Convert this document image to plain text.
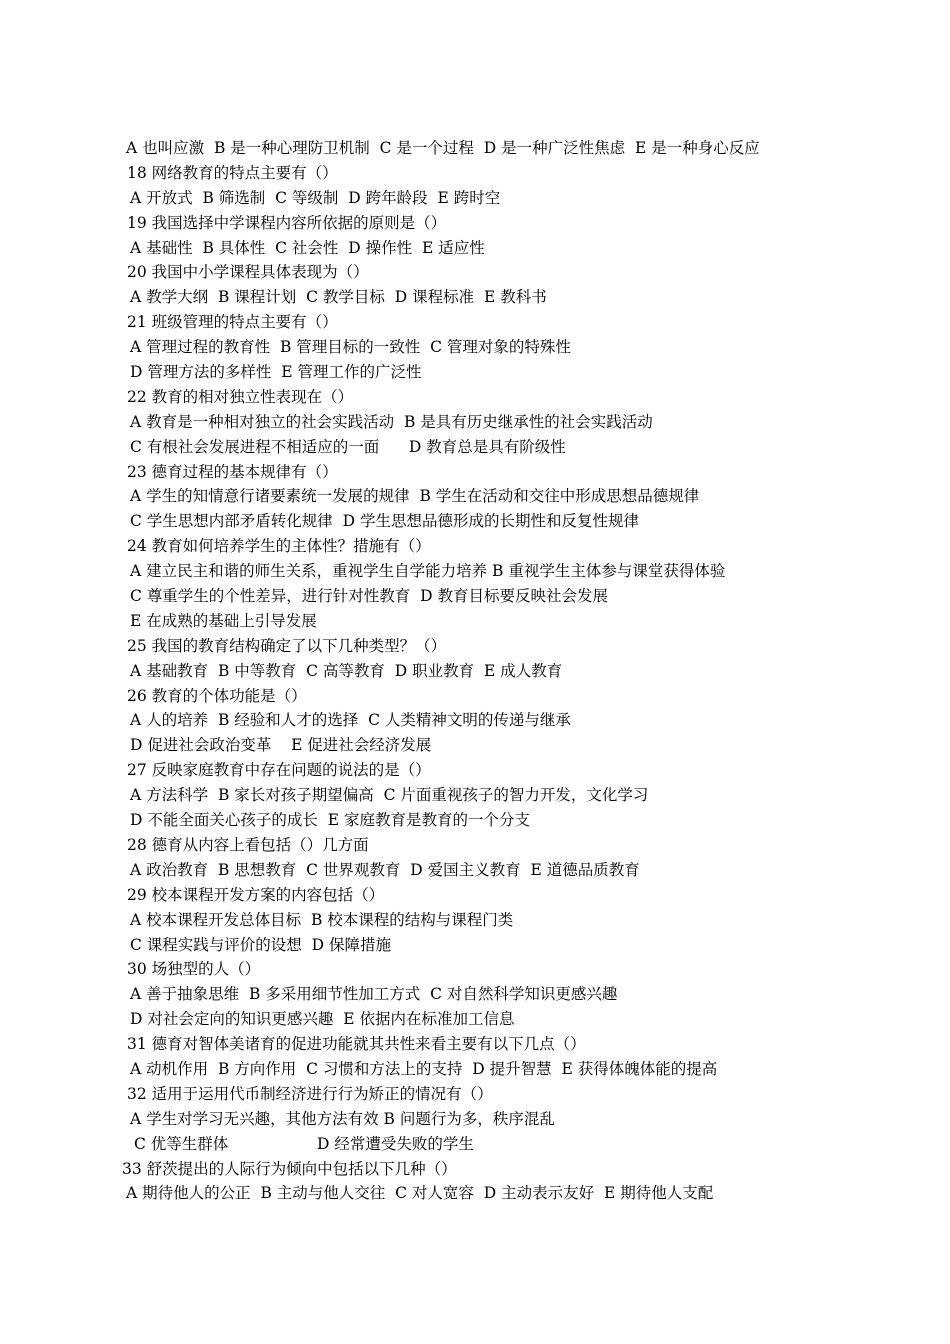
A 也叫应激  B 是一种心理防卫机制  C 是一个过程  D 是一种广泛性焦虑  E 是一种身心反应
18 网络教育的特点主要有（）
A 开放式  B 筛选制  C 等级制  D 跨年龄段  E 跨时空
19 我国选择中学课程内容所依据的原则是（）
A 基础性  B 具体性  C 社会性  D 操作性  E 适应性
20 我国中小学课程具体表现为（）
A 教学大纲  B 课程计划  C 教学目标  D 课程标准  E 教科书
21 班级管理的特点主要有（）
A 管理过程的教育性  B 管理目标的一致性  C 管理对象的特殊性
D 管理方法的多样性  E 管理工作的广泛性
22 教育的相对独立性表现在（）
A 教育是一种相对独立的社会实践活动  B 是具有历史继承性的社会实践活动
C 有根社会发展进程不相适应的一面      D 教育总是具有阶级性
23 德育过程的基本规律有（）
A 学生的知情意行诸要素统一发展的规律  B 学生在活动和交往中形成思想品德规律
C 学生思想内部矛盾转化规律  D 学生思想品德形成的长期性和反复性规律
24 教育如何培养学生的主体性？措施有（）
A 建立民主和谐的师生关系，重视学生自学能力培养 B 重视学生主体参与课堂获得体验
C 尊重学生的个性差异，进行针对性教育  D 教育目标要反映社会发展
E 在成熟的基础上引导发展
25 我国的教育结构确定了以下几种类型？（）
A 基础教育  B 中等教育  C 高等教育  D 职业教育  E 成人教育
26 教育的个体功能是（）
A 人的培养  B 经验和人才的选择  C 人类精神文明的传递与继承
D 促进社会政治变革    E 促进社会经济发展
27 反映家庭教育中存在问题的说法的是（）
A 方法科学  B 家长对孩子期望偏高  C 片面重视孩子的智力开发，文化学习
D 不能全面关心孩子的成长  E 家庭教育是教育的一个分支
28 德育从内容上看包括（）几方面
A 政治教育  B 思想教育  C 世界观教育  D 爱国主义教育  E 道德品质教育
29 校本课程开发方案的内容包括（）
A 校本课程开发总体目标  B 校本课程的结构与课程门类
C 课程实践与评价的设想  D 保障措施
30 场独型的人（）
A 善于抽象思维  B 多采用细节性加工方式  C 对自然科学知识更感兴趣
D 对社会定向的知识更感兴趣  E 依据内在标准加工信息
31 德育对智体美诸育的促进功能就其共性来看主要有以下几点（）
A 动机作用  B 方向作用  C 习惯和方法上的支持  D 提升智慧  E 获得体魄体能的提高
32 适用于运用代币制经济进行行为矫正的情况有（）
A 学生对学习无兴趣，其他方法有效 B 问题行为多，秩序混乱
C 优等生群体                  D 经常遭受失败的学生
33 舒茨提出的人际行为倾向中包括以下几种（）
A 期待他人的公正  B 主动与他人交往  C 对人宽容  D 主动表示友好  E 期待他人支配
